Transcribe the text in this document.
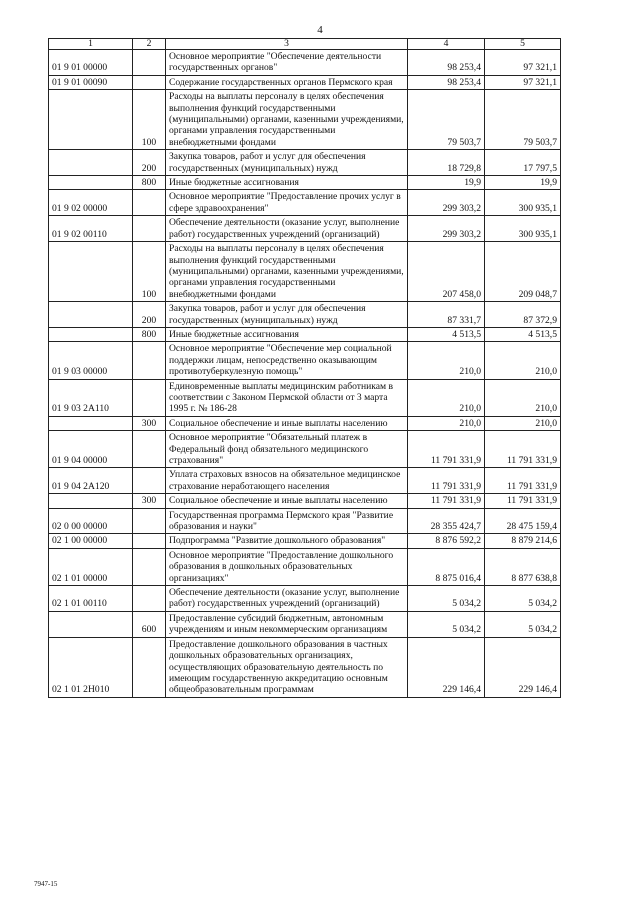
4
1	2	3	4	5
01 9 01 00000		Основное мероприятие "Обеспечение деятельности государственных органов"	98 253,4	97 321,1
01 9 01 00090		Содержание государственных органов Пермского края	98 253,4	97 321,1
	100	Расходы на выплаты персоналу в целях обеспечения выполнения функций государственными (муниципальными) органами, казенными учреждениями, органами управления государственными внебюджетными фондами	79 503,7	79 503,7
	200	Закупка товаров, работ и услуг для обеспечения государственных (муниципальных) нужд	18 729,8	17 797,5
	800	Иные бюджетные ассигнования	19,9	19,9
01 9 02 00000		Основное мероприятие "Предоставление прочих услуг в сфере здравоохранения"	299 303,2	300 935,1
01 9 02 00110		Обеспечение деятельности (оказание услуг, выполнение работ) государственных учреждений (организаций)	299 303,2	300 935,1
	100	Расходы на выплаты персоналу в целях обеспечения выполнения функций государственными (муниципальными) органами, казенными учреждениями, органами управления государственными внебюджетными фондами	207 458,0	209 048,7
	200	Закупка товаров, работ и услуг для обеспечения государственных (муниципальных) нужд	87 331,7	87 372,9
	800	Иные бюджетные ассигнования	4 513,5	4 513,5
01 9 03 00000		Основное мероприятие "Обеспечение мер социальной поддержки лицам, непосредственно оказывающим противотуберкулезную помощь"	210,0	210,0
01 9 03 2А110		Единовременные выплаты медицинским работникам в соответствии с Законом Пермской области от 3 марта 1995 г. № 186-28	210,0	210,0
	300	Социальное обеспечение и иные выплаты населению	210,0	210,0
01 9 04 00000		Основное мероприятие "Обязательный платеж в Федеральный фонд обязательного медицинского страхования"	11 791 331,9	11 791 331,9
01 9 04 2А120		Уплата страховых взносов на обязательное медицинское страхование неработающего населения	11 791 331,9	11 791 331,9
	300	Социальное обеспечение и иные выплаты населению	11 791 331,9	11 791 331,9
02 0 00 00000		Государственная программа Пермского края "Развитие образования и науки"	28 355 424,7	28 475 159,4
02 1 00 00000		Подпрограмма "Развитие дошкольного образования"	8 876 592,2	8 879 214,6
02 1 01 00000		Основное мероприятие "Предоставление дошкольного образования в дошкольных образовательных организациях"	8 875 016,4	8 877 638,8
02 1 01 00110		Обеспечение деятельности (оказание услуг, выполнение работ) государственных учреждений (организаций)	5 034,2	5 034,2
	600	Предоставление субсидий бюджетным, автономным учреждениям и иным некоммерческим организациям	5 034,2	5 034,2
02 1 01 2Н010		Предоставление дошкольного образования в частных дошкольных образовательных организациях, осуществляющих образовательную деятельность по имеющим государственную аккредитацию основным общеобразовательным программам	229 146,4	229 146,4
7947-15
